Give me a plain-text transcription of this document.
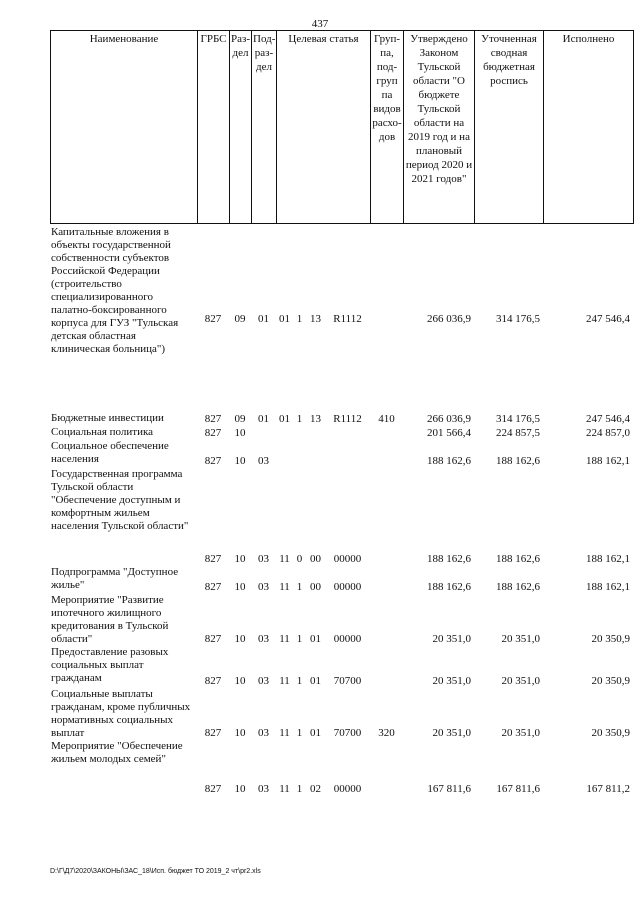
437
Наименование	ГРБС	Раз-дел	Под-раз-дел	Целевая статья	Груп-па, под-груп па видов расхо-дов	Утверждено Законом Тульской области "О бюджете Тульской области на 2019 год и на плановый период 2020 и 2021 годов"	Уточненная сводная бюджетная роспись	Исполнено
Капитальные вложения в объекты государственной собственности субъектов Российской Федерации (строительство специализированного палатно-боксированного корпуса для ГУЗ "Тульская детская областная клиническая больница")	827	09	01	01	1	13	R1112		266 036,9	314 176,5	247 546,4
Бюджетные инвестиции	827	09	01	01	1	13	R1112	410	266 036,9	314 176,5	247 546,4
Социальная политика	827	10							201 566,4	224 857,5	224 857,0
Социальное обеспечение населения	827	10	03						188 162,6	188 162,6	188 162,1
Государственная программа Тульской области "Обеспечение доступным и комфортным жильем населения Тульской области"	827	10	03	11	0	00	00000		188 162,6	188 162,6	188 162,1
Подпрограмма "Доступное жилье"	827	10	03	11	1	00	00000		188 162,6	188 162,6	188 162,1
Мероприятие "Развитие ипотечного жилищного кредитования в Тульской области"	827	10	03	11	1	01	00000		20 351,0	20 351,0	20 350,9
Предоставление разовых социальных выплат гражданам	827	10	03	11	1	01	70700		20 351,0	20 351,0	20 350,9
Социальные выплаты гражданам, кроме публичных нормативных социальных выплат	827	10	03	11	1	01	70700	320	20 351,0	20 351,0	20 350,9
Мероприятие "Обеспечение жильем молодых семей"	827	10	03	11	1	02	00000		167 811,6	167 811,6	167 811,2
D:\Г\Д7\2020\ЗАКОНЫ\ЗАС_18\Исп. бюджет ТО 2019_2 чт\рr2.xls
